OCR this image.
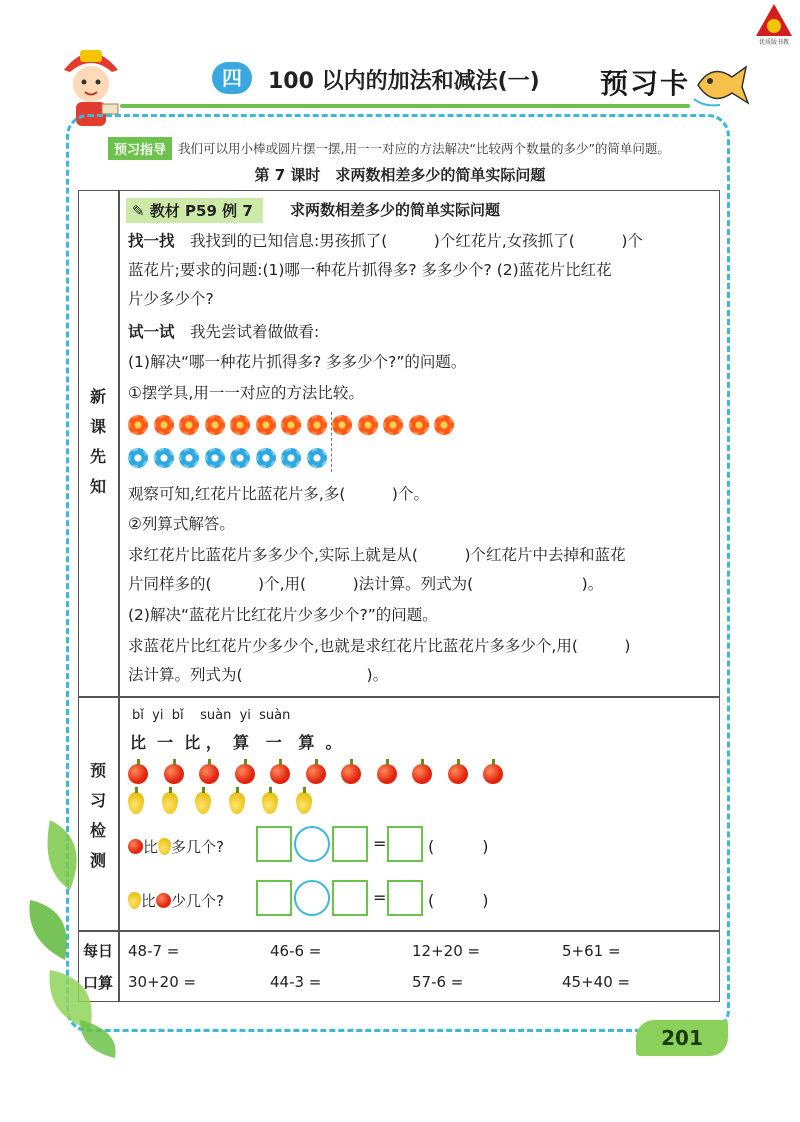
优质版书教
四	100 以内的加法和减法(一) 预习卡
预习指导 我们可以用小棒或圆片摆一摆,用一一对应的方法解决“比较两个数量的多少”的简单问题。
第 7 课时　求两数相差多少的简单实际问题
新
课
先
知
预
习
检
测
每日
口算
✎ 教材 P59 例 7	求两数相差多少的简单实际问题
找一找　 我找到的已知信息:男孩抓了(　　　)个红花片,女孩抓了(　　　)个
蓝花片;要求的问题:(1)哪一种花片抓得多? 多多少个? (2)蓝花片比红花
片少多少个?
试一试　 我先尝试着做做看:
(1)解决“哪一种花片抓得多? 多多少个?”的问题。
①摆学具,用一一对应的方法比较。
观察可知,红花片比蓝花片多,多(　　　)个。
②列算式解答。
求红花片比蓝花片多多少个,实际上就是从(　　　)个红花片中去掉和蓝花
片同样多的(　　　)个,用(　　　)法计算。列式为(　　　　　　　)。
(2)解决“蓝花片比红花片少多少个?”的问题。
求蓝花片比红花片少多少个,也就是求红花片比蓝花片多多少个,用(　　　)
法计算。列式为(　　　　　　　　)。
bǐ  yi  bǐ    suàn  yi  suàn
比  一  比 ，  算   一   算  。
比 多几个?	=	(　　　)
比 少几个?	=	(　　　)
48-7 =	46-6 =	12+20 =	5+61 =
30+20 =	44-3 =	57-6 =	45+40 =
201
